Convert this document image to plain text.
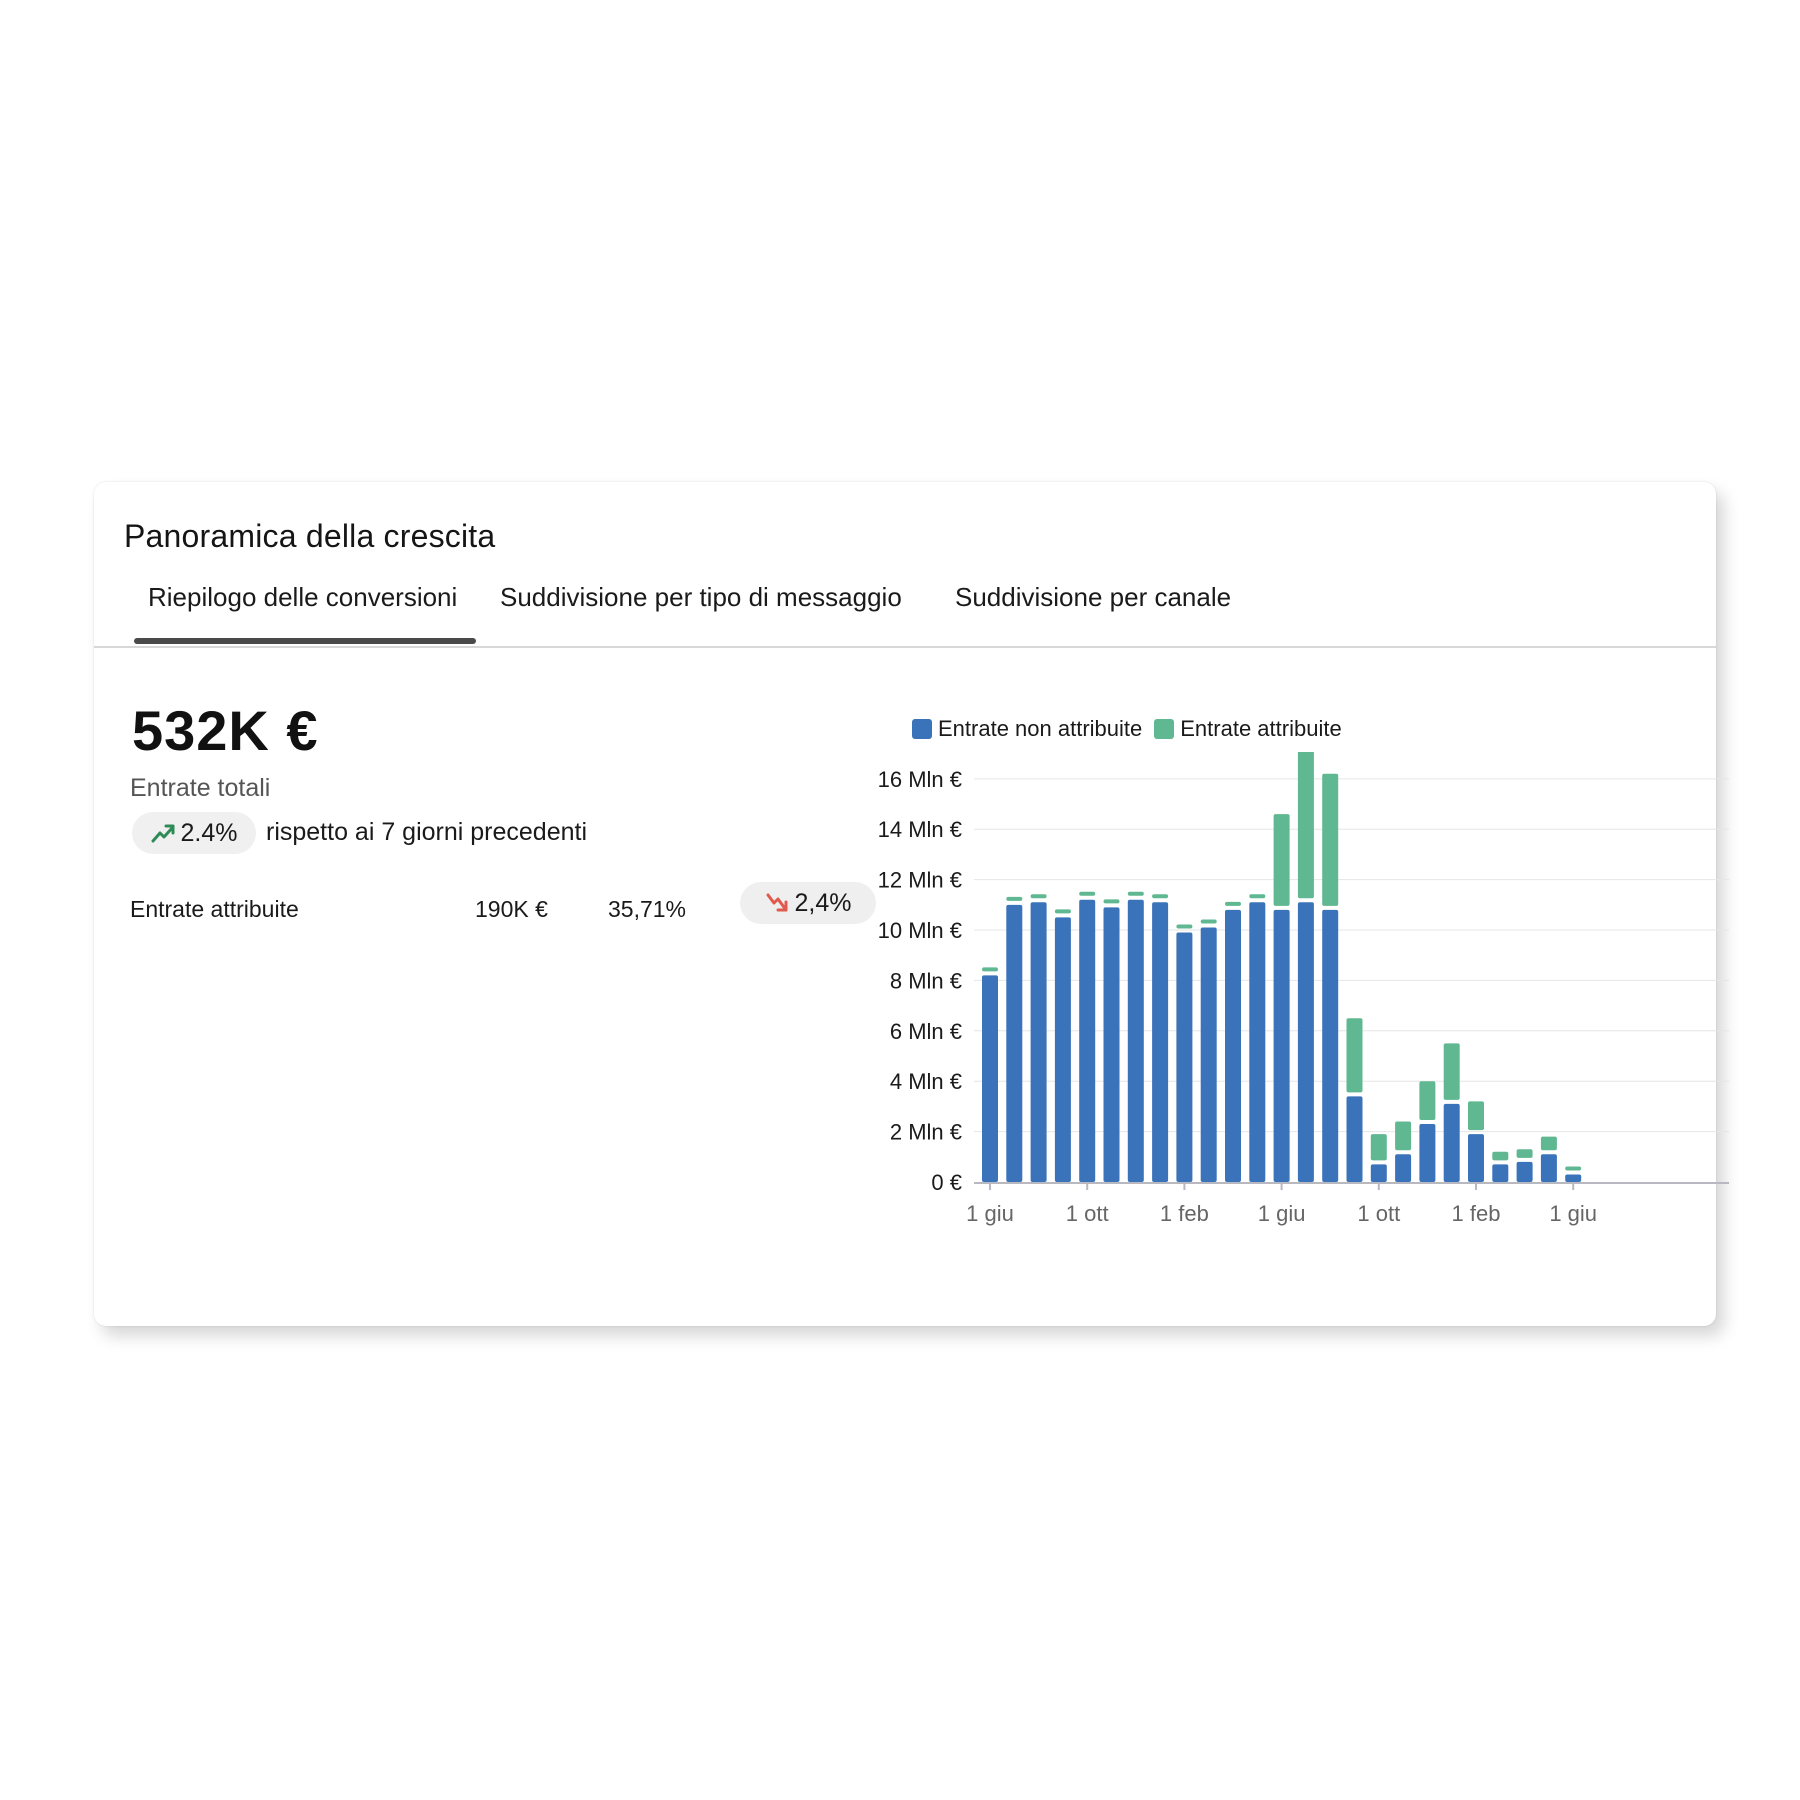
Panoramica della crescita
Riepilogo delle conversioni Suddivisione per tipo di messaggio Suddivisione per canale
532K €
Entrate totali
2.4% rispetto ai 7 giorni precedenti
Entrate attribuite	190K €	35,71%	2,4%
Entrate non attribuite Entrate attribuite
0 €
2 Mln €
4 Mln €
6 Mln €
8 Mln €
10 Mln €
12 Mln €
14 Mln €
16 Mln €
1 giu 1 ott 1 feb 1 giu 1 ott 1 feb 1 giu
